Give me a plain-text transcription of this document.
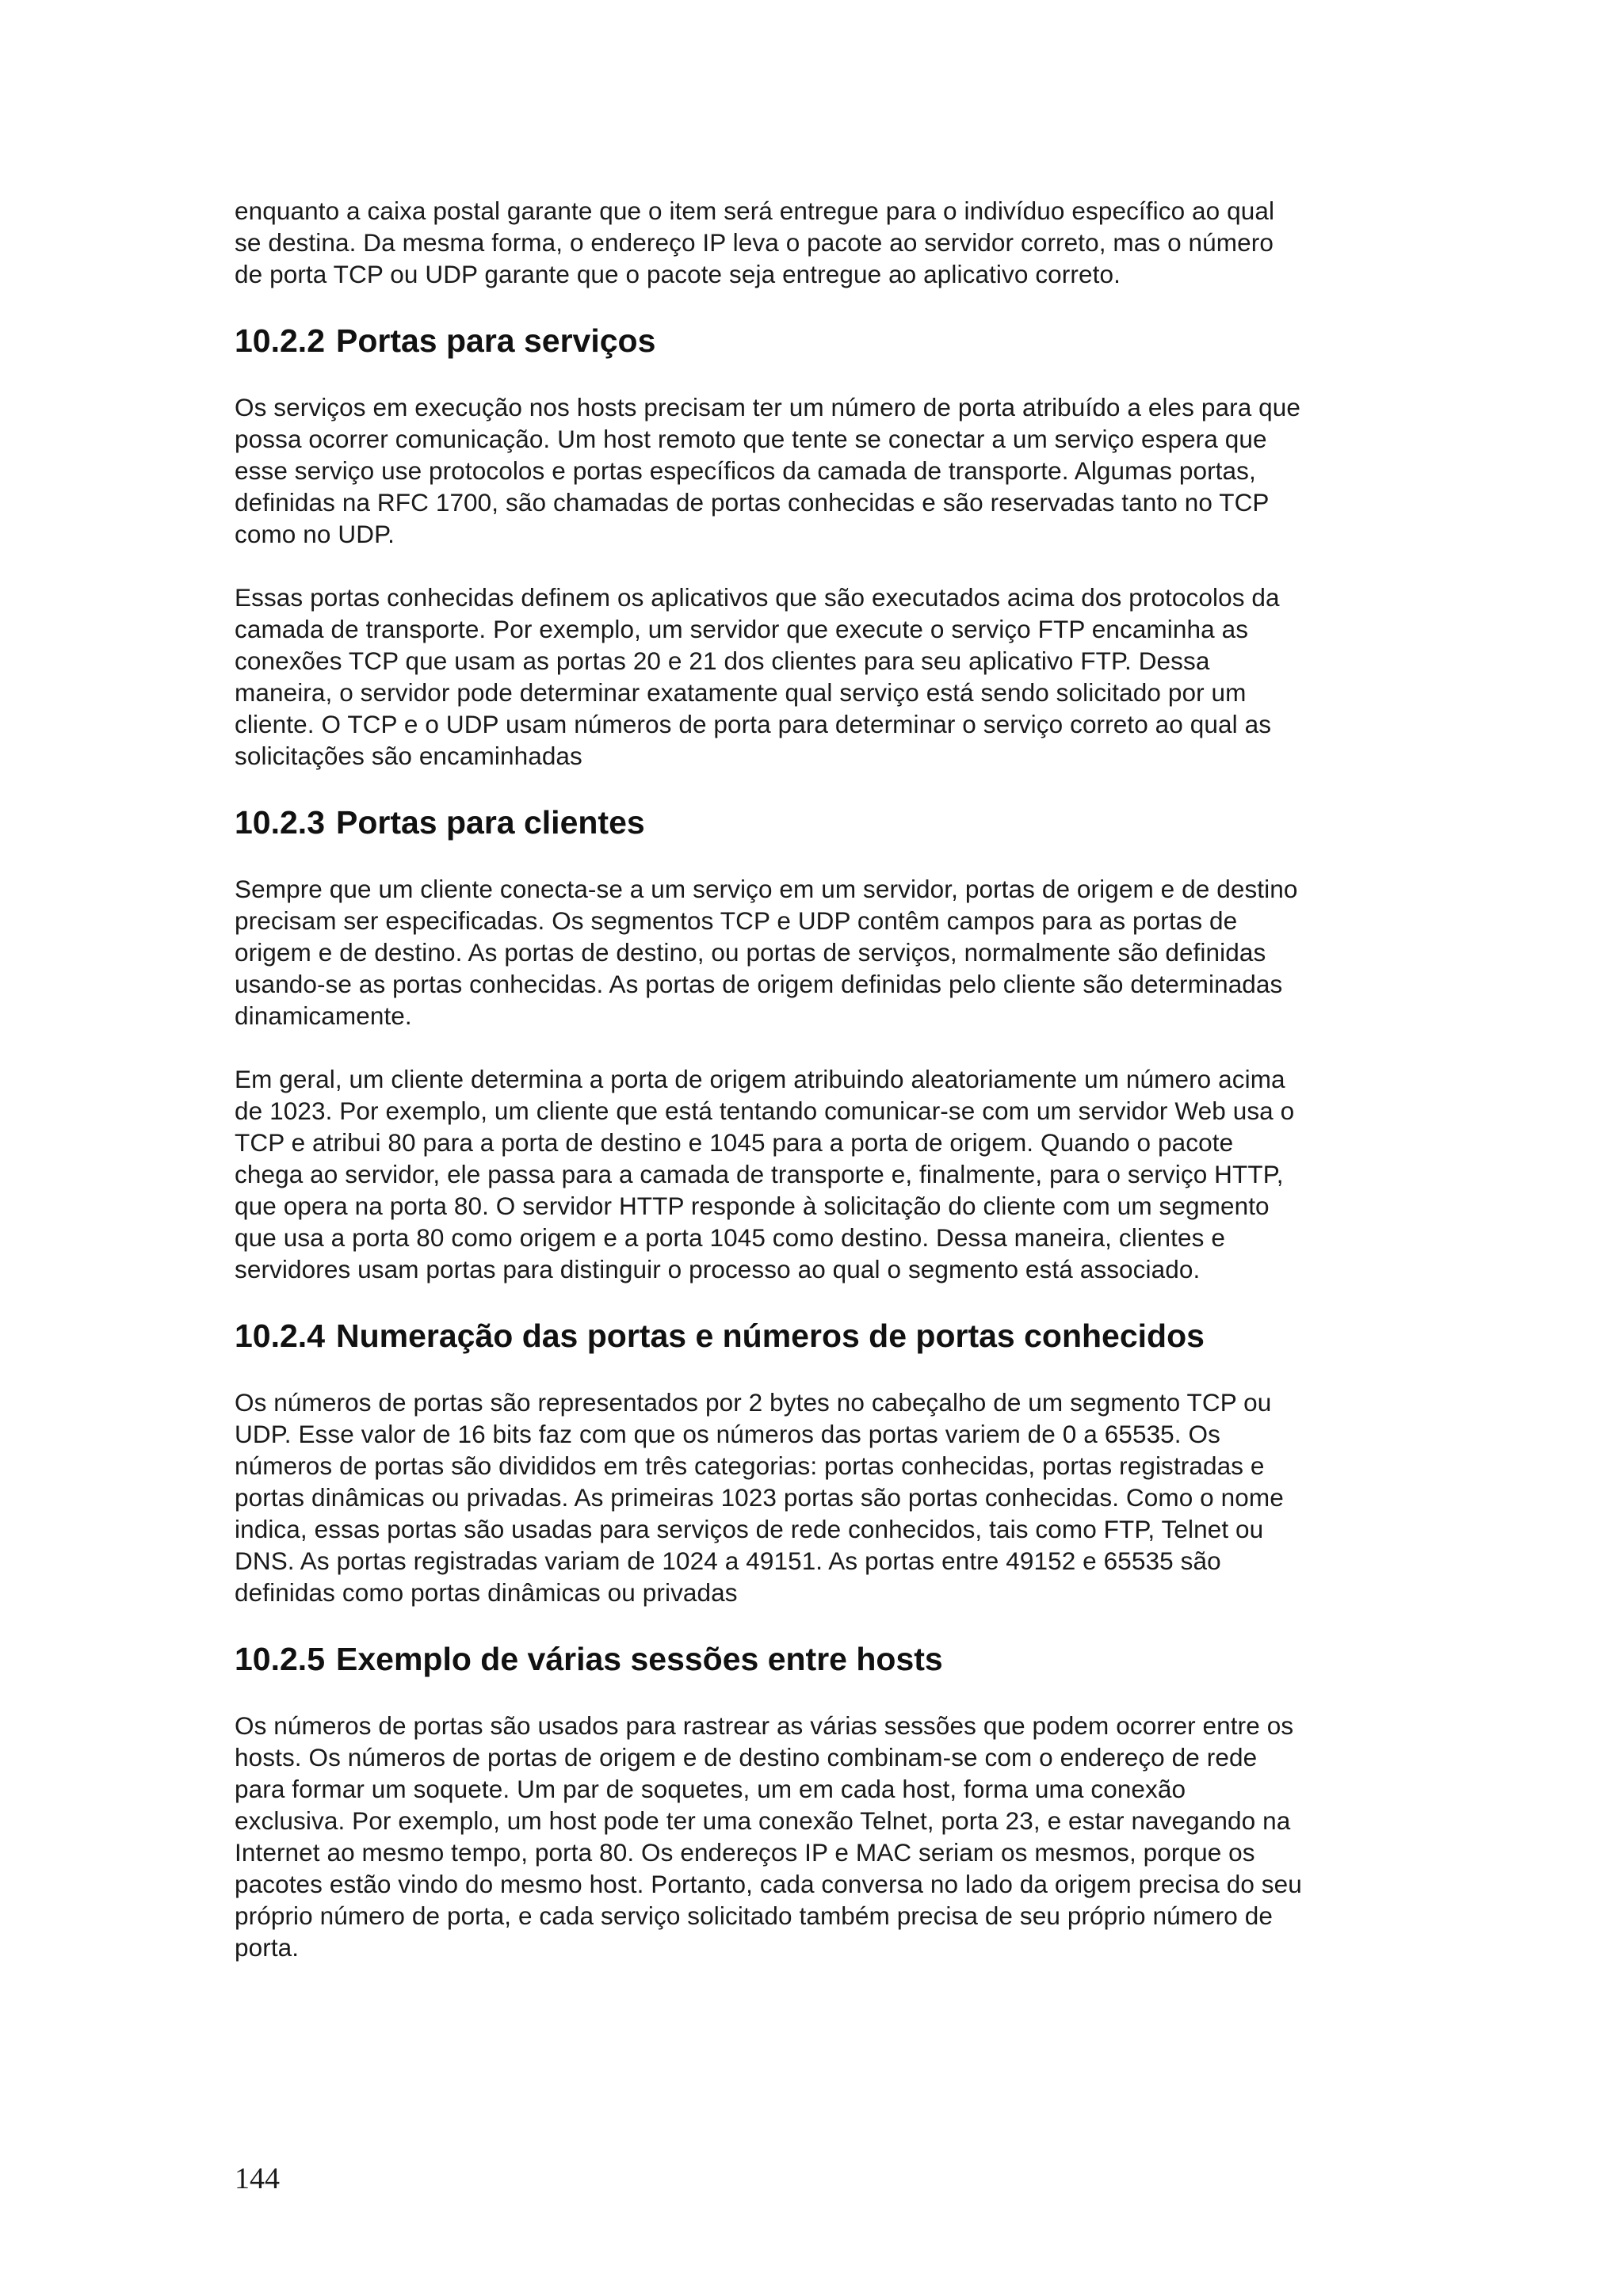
enquanto a caixa postal garante que o item será entregue para o indivíduo específico ao qual
se destina. Da mesma forma, o endereço IP leva o pacote ao servidor correto, mas o número
de porta TCP ou UDP garante que o pacote seja entregue ao aplicativo correto.

10.2.2 Portas para serviços

Os serviços em execução nos hosts precisam ter um número de porta atribuído a eles para que
possa ocorrer comunicação. Um host remoto que tente se conectar a um serviço espera que
esse serviço use protocolos e portas específicos da camada de transporte. Algumas portas,
definidas na RFC 1700, são chamadas de portas conhecidas e são reservadas tanto no TCP
como no UDP.

Essas portas conhecidas definem os aplicativos que são executados acima dos protocolos da
camada de transporte. Por exemplo, um servidor que execute o serviço FTP encaminha as
conexões TCP que usam as portas 20 e 21 dos clientes para seu aplicativo FTP. Dessa
maneira, o servidor pode determinar exatamente qual serviço está sendo solicitado por um
cliente. O TCP e o UDP usam números de porta para determinar o serviço correto ao qual as
solicitações são encaminhadas

10.2.3 Portas para clientes

Sempre que um cliente conecta-se a um serviço em um servidor, portas de origem e de destino
precisam ser especificadas. Os segmentos TCP e UDP contêm campos para as portas de
origem e de destino. As portas de destino, ou portas de serviços, normalmente são definidas
usando-se as portas conhecidas. As portas de origem definidas pelo cliente são determinadas
dinamicamente.

Em geral, um cliente determina a porta de origem atribuindo aleatoriamente um número acima
de 1023. Por exemplo, um cliente que está tentando comunicar-se com um servidor Web usa o
TCP e atribui 80 para a porta de destino e 1045 para a porta de origem. Quando o pacote
chega ao servidor, ele passa para a camada de transporte e, finalmente, para o serviço HTTP,
que opera na porta 80. O servidor HTTP responde à solicitação do cliente com um segmento
que usa a porta 80 como origem e a porta 1045 como destino. Dessa maneira, clientes e
servidores usam portas para distinguir o processo ao qual o segmento está associado.

10.2.4 Numeração das portas e números de portas conhecidos

Os números de portas são representados por 2 bytes no cabeçalho de um segmento TCP ou
UDP. Esse valor de 16 bits faz com que os números das portas variem de 0 a 65535. Os
números de portas são divididos em três categorias: portas conhecidas, portas registradas e
portas dinâmicas ou privadas. As primeiras 1023 portas são portas conhecidas. Como o nome
indica, essas portas são usadas para serviços de rede conhecidos, tais como FTP, Telnet ou
DNS. As portas registradas variam de 1024 a 49151. As portas entre 49152 e 65535 são
definidas como portas dinâmicas ou privadas

10.2.5 Exemplo de várias sessões entre hosts

Os números de portas são usados para rastrear as várias sessões que podem ocorrer entre os
hosts. Os números de portas de origem e de destino combinam-se com o endereço de rede
para formar um soquete. Um par de soquetes, um em cada host, forma uma conexão
exclusiva. Por exemplo, um host pode ter uma conexão Telnet, porta 23, e estar navegando na
Internet ao mesmo tempo, porta 80. Os endereços IP e MAC seriam os mesmos, porque os
pacotes estão vindo do mesmo host. Portanto, cada conversa no lado da origem precisa do seu
próprio número de porta, e cada serviço solicitado também precisa de seu próprio número de
porta.

144
